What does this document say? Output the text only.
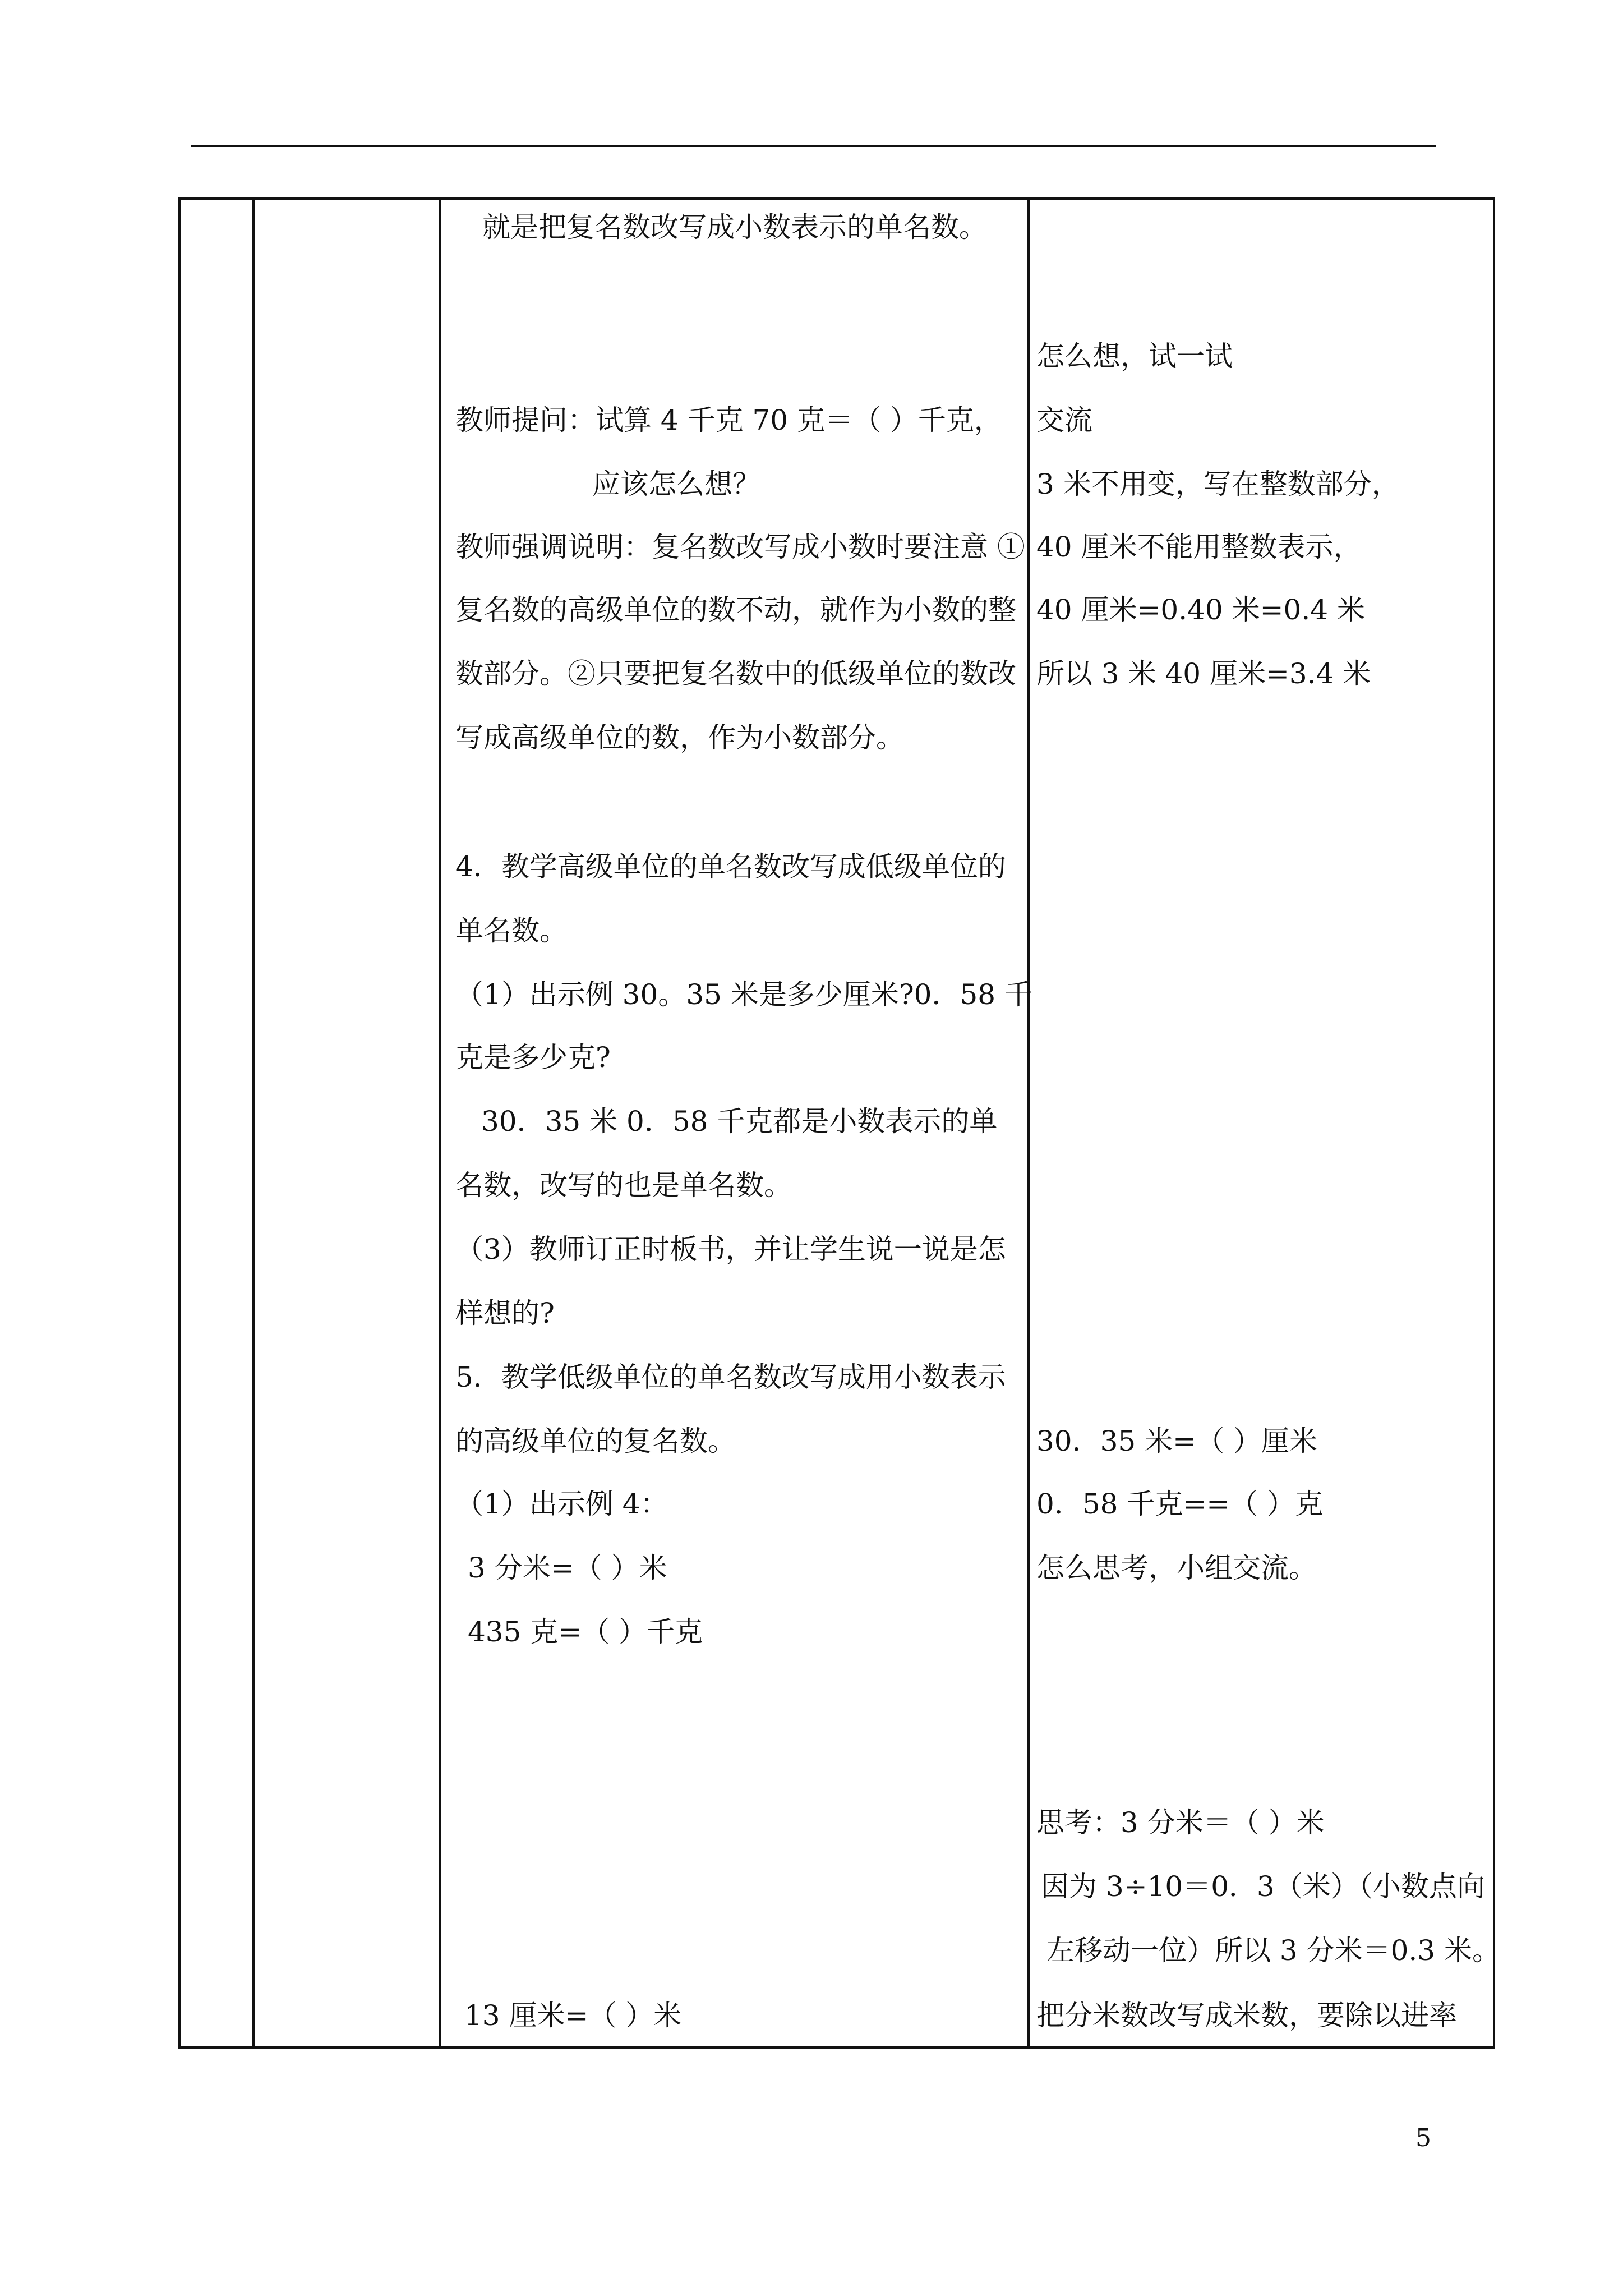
就是把复名数改写成小数表示的单名数。
教师提问：试算 4 千克 70 克＝（ ）千克，
应该怎么想？
教师强调说明：复名数改写成小数时要注意 ①
复名数的高级单位的数不动，就作为小数的整
数部分。②只要把复名数中的低级单位的数改
写成高级单位的数，作为小数部分。
4．教学高级单位的单名数改写成低级单位的
单名数。
（1）出示例 30。35 米是多少厘米?0．58 千
克是多少克?
30．35 米 0．58 千克都是小数表示的单
名数，改写的也是单名数。
（3）教师订正时板书，并让学生说一说是怎
样想的?
5．教学低级单位的单名数改写成用小数表示
的高级单位的复名数。
（1）出示例 4：
3 分米=（ ）米
435 克=（ ）千克
13 厘米=（ ）米
怎么想，试一试
交流
3 米不用变，写在整数部分，
40 厘米不能用整数表示，
40 厘米=0.40 米=0.4 米
所以 3 米 40 厘米=3.4 米
30．35 米=（ ）厘米
0．58 千克==（ ）克
怎么思考，小组交流。
思考：3 分米＝（ ）米
因为 3÷10＝0．3（米）（小数点向
左移动一位）所以 3 分米＝0.3 米。
把分米数改写成米数，要除以进率
5
